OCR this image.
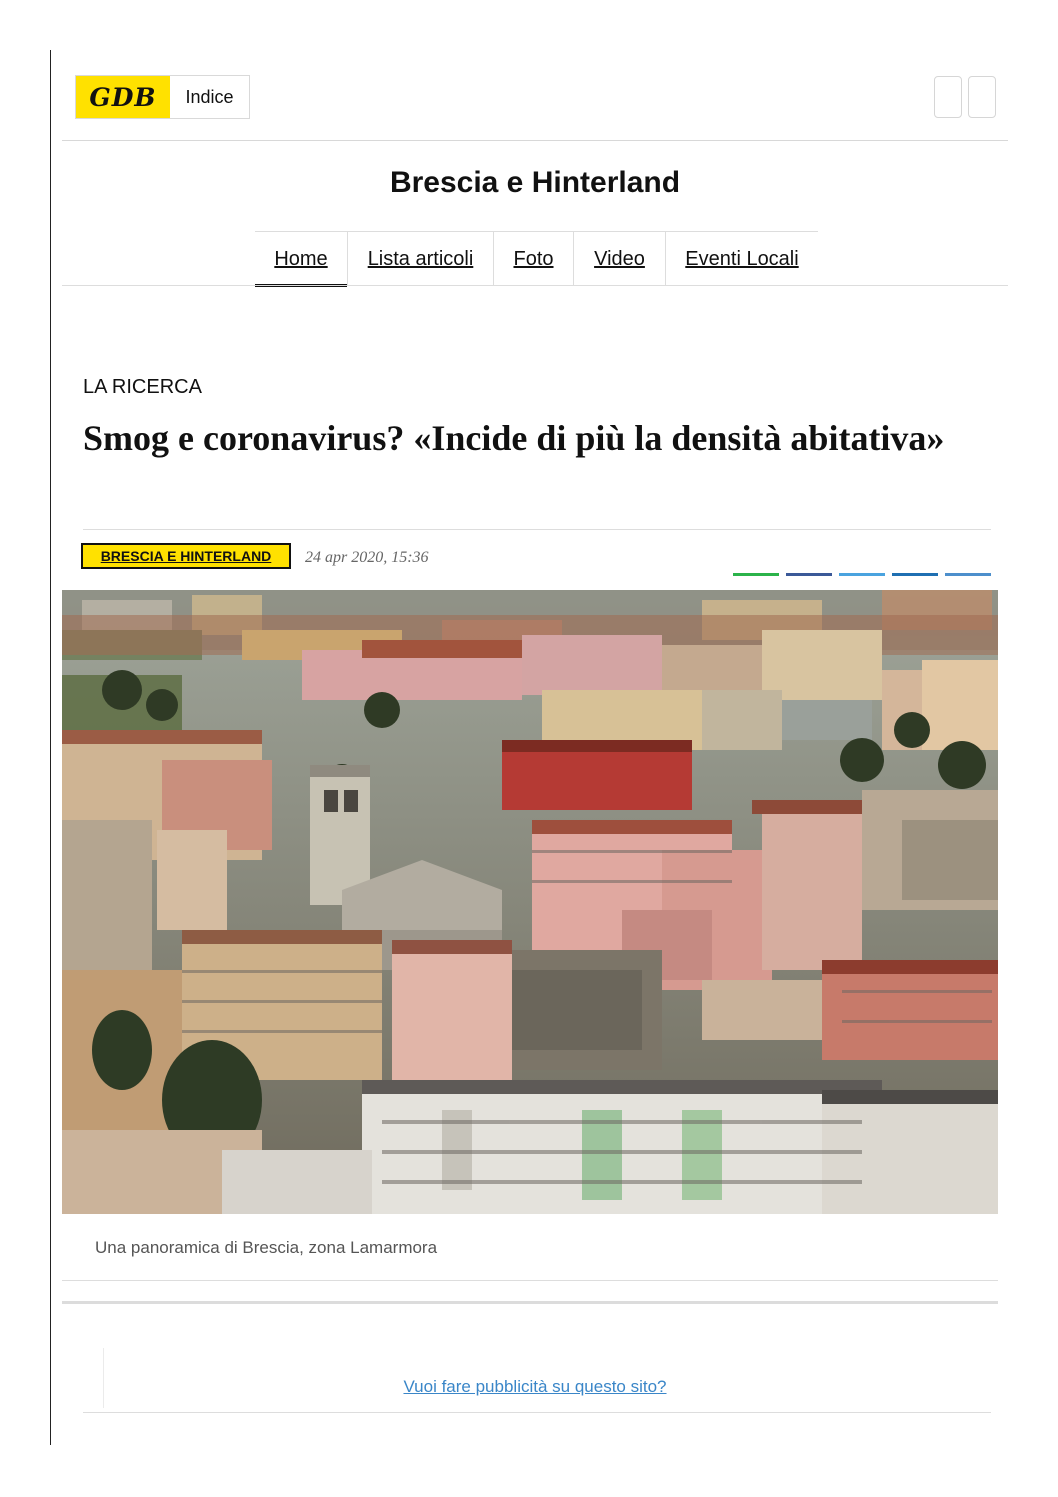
GDB	Indice
Brescia e Hinterland
Home	Lista articoli	Foto	Video	Eventi Locali
LA RICERCA
Smog e coronavirus? «Incide di più la densità abitativa»
BRESCIA E HINTERLAND	24 apr 2020, 15:36
Una panoramica di Brescia, zona Lamarmora
Vuoi fare pubblicità su questo sito?
